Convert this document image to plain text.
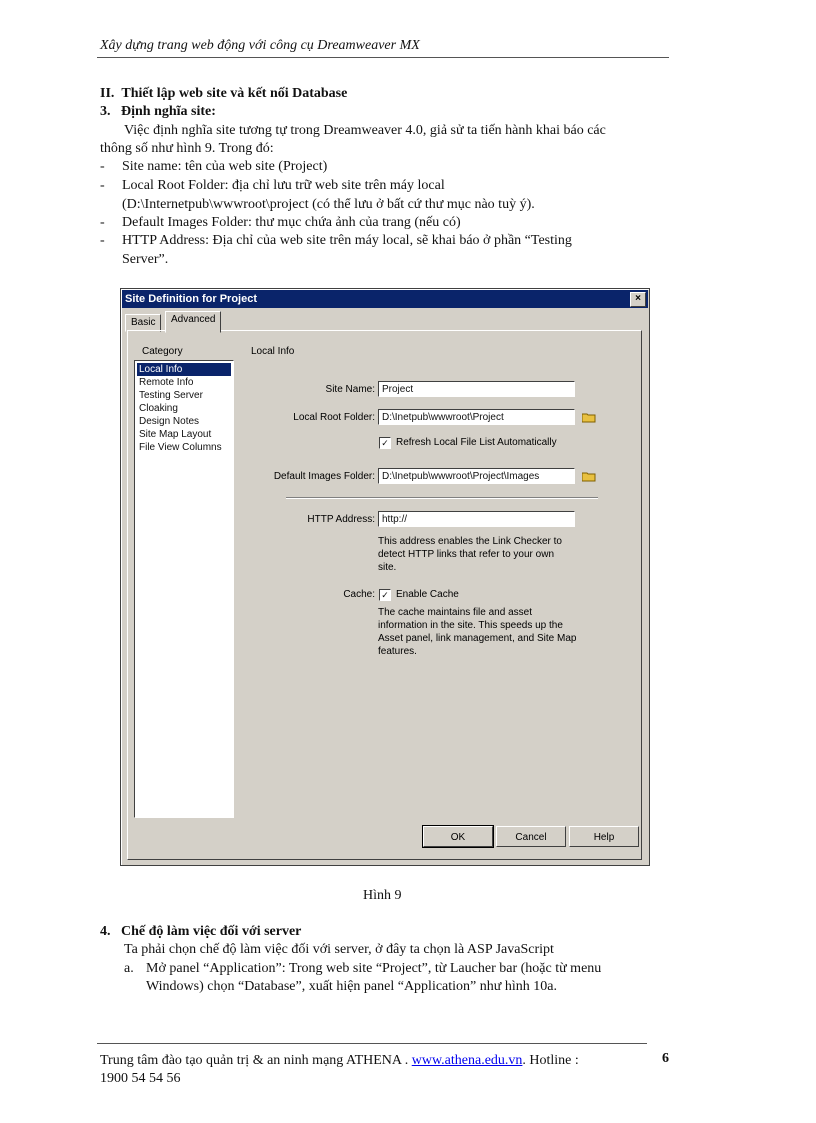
Xây dựng trang web động với công cụ Dreamweaver MX
II.  Thiết lập web site và kết nối Database
3.   Định nghĩa site:
Việc định nghĩa site tương tự trong Dreamweaver 4.0, giả sử ta tiến hành khai báo các
thông số như hình 9. Trong đó:
- Site name: tên của web site (Project)
- Local Root Folder: địa chỉ lưu trữ web site trên máy local
(D:\Internetpub\wwwroot\project (có thể lưu ở bất cứ thư mục nào tuỳ ý).
- Default Images Folder: thư mục chứa ảnh của trang (nếu có)
- HTTP Address: Địa chỉ của web site trên máy local, sẽ khai báo ở phần “Testing
Server”.
Site Definition for Project	×
Basic	Advanced
Category	Local Info
Local Info
Remote Info
Testing Server
Cloaking
Design Notes
Site Map Layout
File View Columns
Site Name: Project
Local Root Folder: D:\Inetpub\wwwroot\Project
✓ Refresh Local File List Automatically
Default Images Folder: D:\Inetpub\wwwroot\Project\Images
HTTP Address: http://
This address enables the Link Checker to
detect HTTP links that refer to your own
site.
Cache: ✓ Enable Cache
The cache maintains file and asset
information in the site. This speeds up the
Asset panel, link management, and Site Map
features.
OK	Cancel	Help
Hình 9
4.   Chế độ làm việc đối với server
Ta phải chọn chế độ làm việc đối với server, ở đây ta chọn là ASP JavaScript
a. Mở panel “Application”: Trong web site “Project”, từ Laucher bar (hoặc từ menu
Windows) chọn “Database”, xuất hiện panel “Application” như hình 10a.
Trung tâm đào tạo quản trị & an ninh mạng ATHENA . www.athena.edu.vn. Hotline :
1900 54 54 56
6
